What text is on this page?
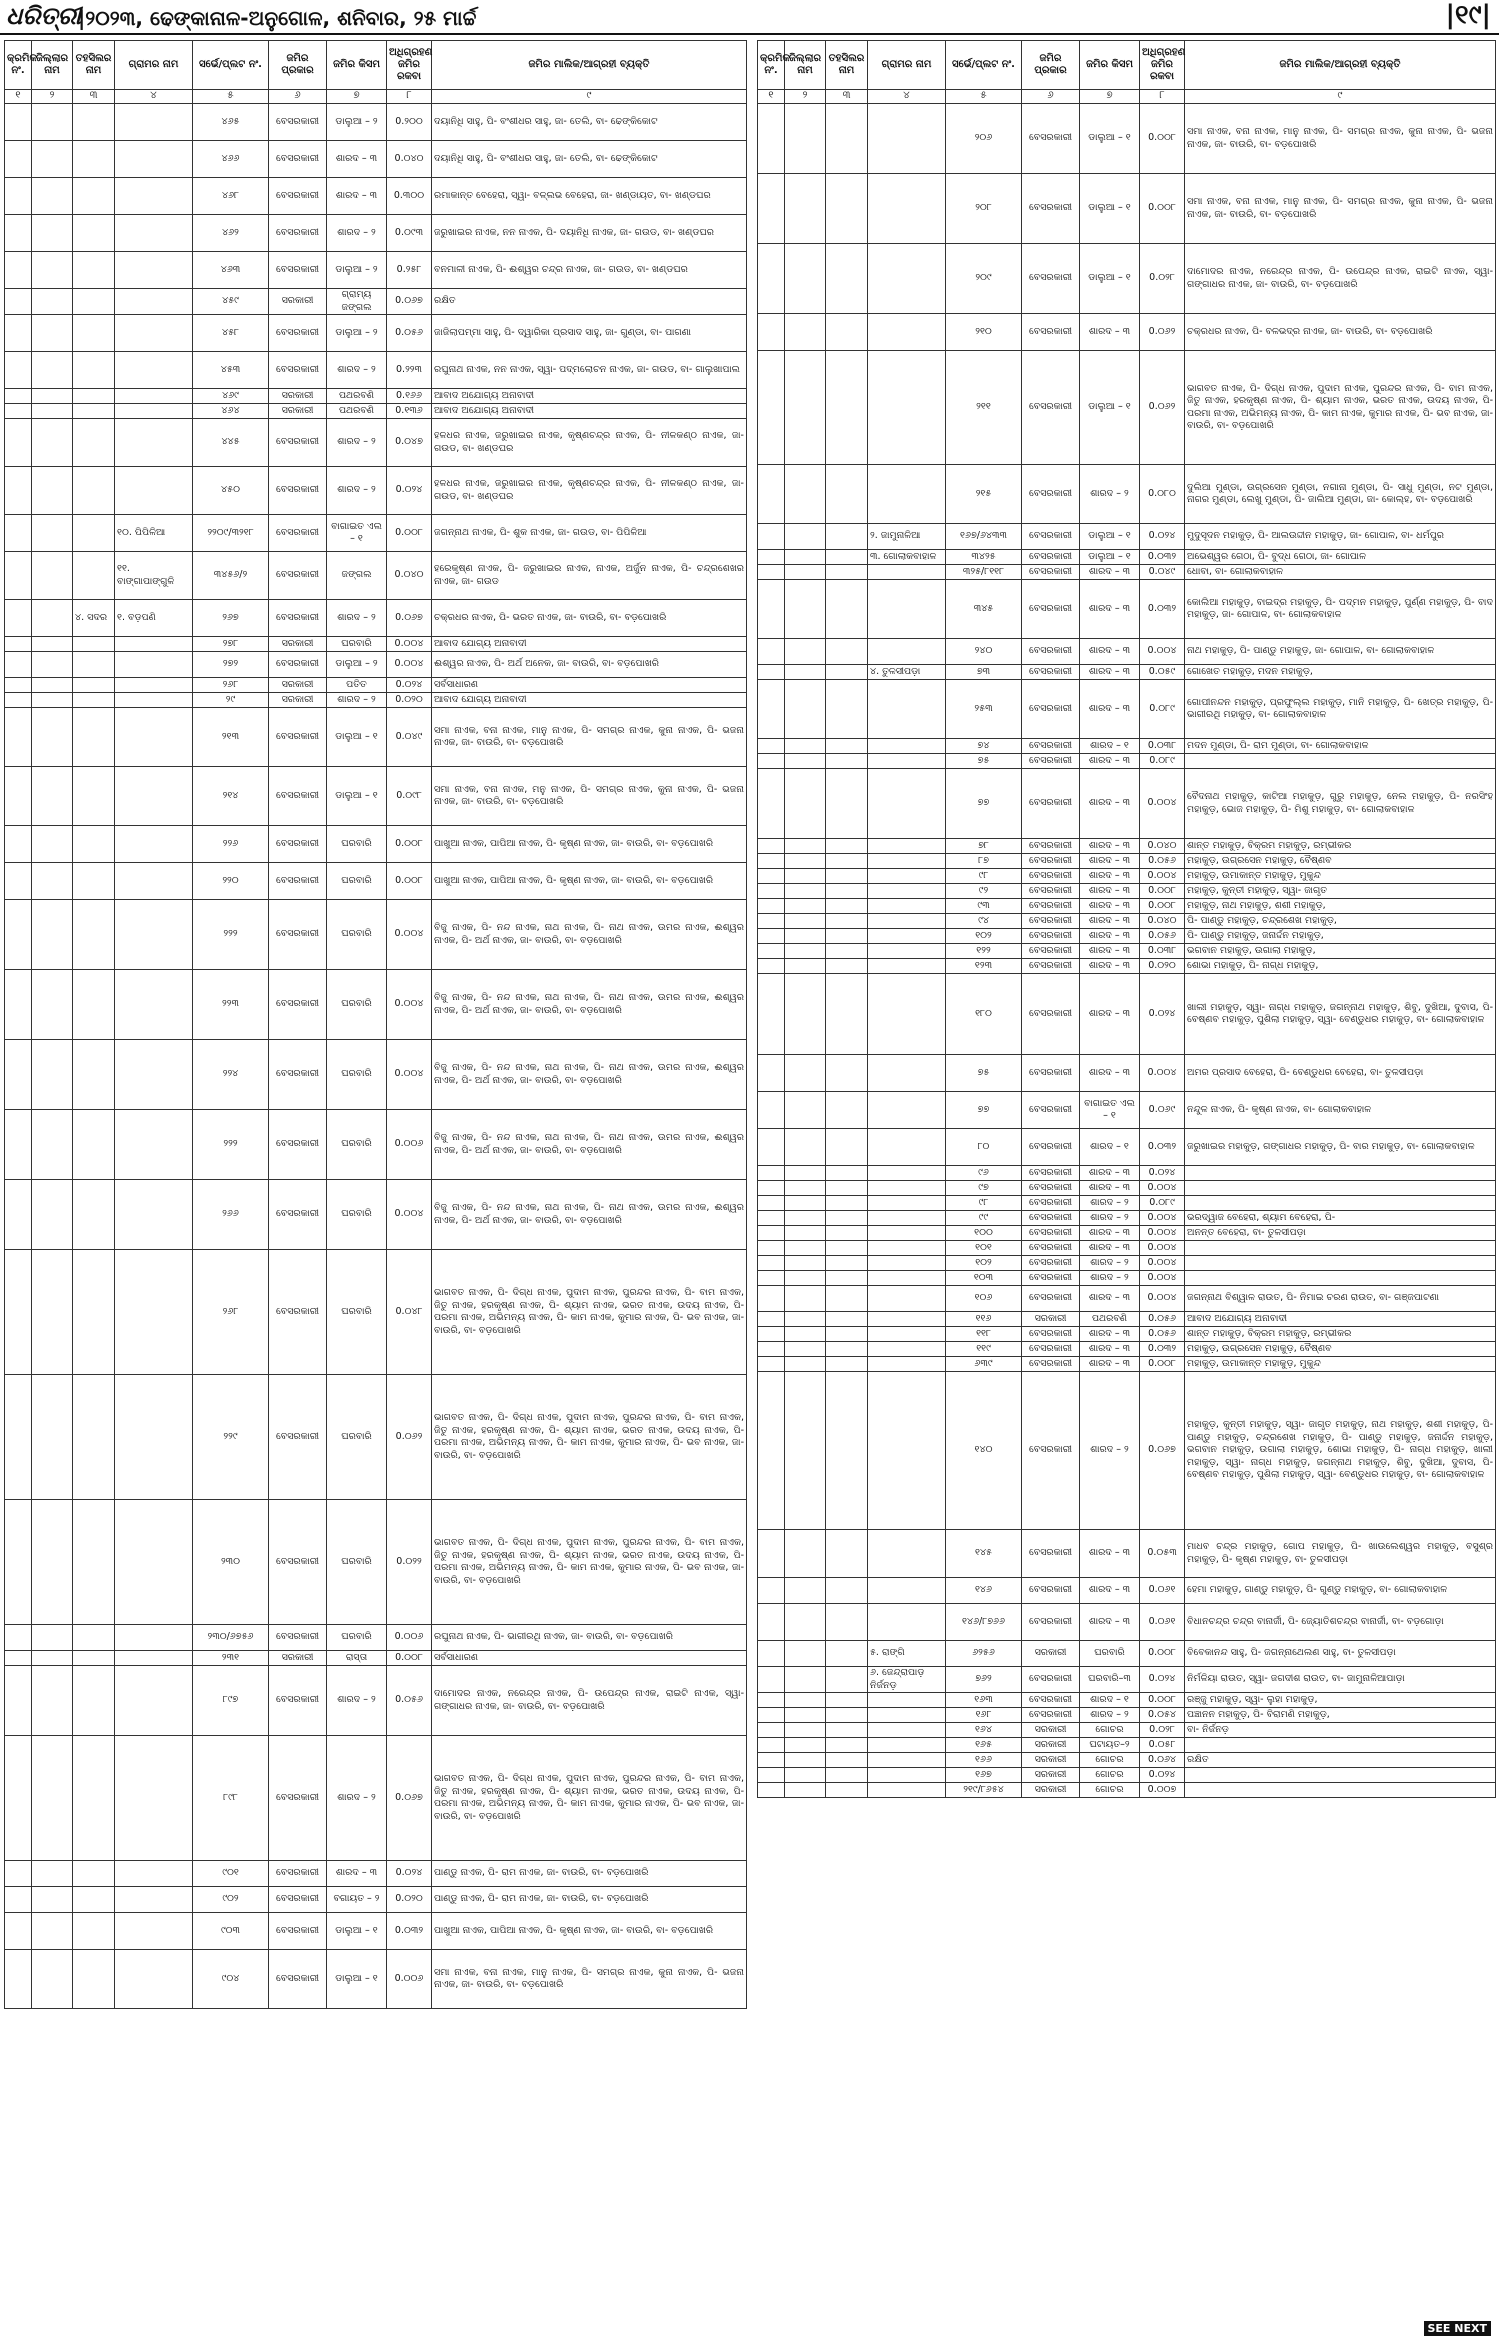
ଧରିତ୍ରୀ
|୨୦୨୩, ଢେଙ୍କାନାଳ-ଅନୁଗୋଳ, ଶନିବାର, ୨୫ ମାର୍ଚ୍ଚ	|୧୯|
କ୍ରମିକ ନଂ.	ଜିଲ୍ଲାର ନାମ	ତହସିଲର ନାମ	ଗ୍ରାମର ନାମ	ସର୍ଭେ/ପ୍ଲଟ ନଂ.	ଜମିର ପ୍ରକାର	ଜମିର କିସମ	ଅଧିଗ୍ରହଣ ଜମିର ରକବା	ଜମିର ମାଲିକ/ଆଗ୍ରହୀ ବ୍ୟକ୍ତି
୧	୨	୩	୪	୫	୬	୭	୮	୯
				୪୬୫	ବେସରକାରୀ	ଡାଲୁଆ – ୨	0.୨୦୦	ଦୟାନିଧି ସାହୁ, ପି- ବଂଶୀଧର ସାହୁ, ଜା- ତେଲି, ବା- ଢେଙ୍କିକୋଟ
				୪୬୬	ବେସରକାରୀ	ଶାରଦ – ୩	0.୦୪୦	ଦୟାନିଧି ସାହୁ, ପି- ବଂଶୀଧର ସାହୁ, ଜା- ତେଲି, ବା- ଢେଙ୍କିକୋଟ
				୪୬୮	ବେସରକାରୀ	ଶାରଦ – ୩	0.୩୦୦	ରମାକାନ୍ତ ବେହେରା, ସ୍ୱା- ବଳ୍ଲଭ ବେହେରା, ଜା- ଖଣ୍ଡାୟତ, ବା- ଖଣ୍ଡଘର
				୪୬୨	ବେସରକାରୀ	ଶାରଦ – ୨	0.୦୯୩	ଜରୁଖାଇର ନାଏକ, ନନ ନାଏକ, ପି- ଦୟାନିଧି ନାଏକ, ଜା- ଗଉଡ, ବା- ଖଣ୍ଡଘର
				୪୬୩	ବେସରକାରୀ	ଡାଲୁଆ – ୨	0.୨୫୮	ବନମାଳୀ ନାଏକ, ପି- ଈଶ୍ୱର ଚନ୍ଦ୍ର ନାଏକ, ଜା- ଗଉଡ, ବା- ଖଣ୍ଡଘର
				୪୫୯	ସରକାରୀ	ଗ୍ରାମ୍ୟ ଜଙ୍ଗଲ	0.୦୬୭	ରକ୍ଷିତ
				୪୫୮	ବେସରକାରୀ	ଡାଲୁଆ – ୨	0.୦୫୬	ଜାଜିଲାପମ୍ମା ସାହୁ, ପି- ଦ୍ୱାରିକା ପ୍ରସାଦ ସାହୁ, ଜା- ଗୁଣ୍ଡା, ବା- ପାଗଣା
				୪୫୩	ବେସରକାରୀ	ଶାରଦ – ୨	0.୨୨୩	ରଘୁନାଥ ନାଏକ, ନନ ନାଏକ, ସ୍ୱା- ପଦ୍ମଲୋଚନ ନାଏକ, ଜା- ଗଉଡ, ବା- ଗାଲୁଖାପାଲ
				୪୬୯	ସରକାରୀ	ପଥରବଣି	0.୧୬୬	ଆବାଦ ଅଯୋଗ୍ୟ ଅନାବାଦୀ
				୪୬୪	ସରକାରୀ	ପଥରବଣି	0.୧୩୬	ଆବାଦ ଅଯୋଗ୍ୟ ଅନାବାଦୀ
				୪୪୫	ବେସରକାରୀ	ଶାରଦ – ୨	0.୦୪୭	ହଳଧର ନାଏକ, ଜରୁଖାଇର ନାଏକ, କୃଷ୍ଣଚନ୍ଦ୍ର ନାଏକ, ପି- ନୀଳକଣ୍ଠ ନାଏକ, ଜା- ଗଉଡ, ବା- ଖଣ୍ଡଘର
				୪୫୦	ବେସରକାରୀ	ଶାରଦ – ୨	0.୦୨୪	ହଳଧର ନାଏକ, ଜରୁଖାଇର ନାଏକ, କୃଷ୍ଣଚନ୍ଦ୍ର ନାଏକ, ପି- ନୀଳକଣ୍ଠ ନାଏକ, ଜା- ଗଉଡ, ବା- ଖଣ୍ଡଘର
			୧୦. ପିପିଳିଆ	୨୨୦୯/୩୨୧୮	ବେସରକାରୀ	ବାଗାଇତ ଏଲ – ୧	0.୦୦୮	ଜଗନ୍ନାଥ ନାଏକ, ପି- ଶୁକ ନାଏକ, ଜା- ଗଉଡ, ବା- ପିପିଳିଆ
			୧୧. ବାଙ୍ଗାପାଙ୍ଗୁଳି	୩୪୫୬/୨	ବେସରକାରୀ	ଜଙ୍ଗଲ	0.୦୪୦	ହରେକୃଷ୍ଣ ନାଏକ, ପି- ଜରୁଖାଇର ନାଏକ, ନାଏକ, ଅର୍ଜୁନ ନାଏକ, ପି- ଚନ୍ଦ୍ରଶେଖର ନାଏକ, ଜା- ଗଉଡ
		୪. ସଦର	୧. ବଡ଼ପଣି	୨୬୭	ବେସରକାରୀ	ଶାରଦ – ୨	0.୦୬୭	ଚକ୍ରଧର ନାଏକ, ପି- ଭରତ ନାଏକ, ଜା- ବାଉରି, ବା- ବଡ଼ପୋଖରି
				୨୭୮	ସରକାରୀ	ଘରବାରି	0.୦୦୪	ଆବାଦ ଯୋଗ୍ୟ ଅନାବାଦୀ
				୨୭୨	ବେସରକାରୀ	ଡାଲୁଆ – ୨	0.୦୦୪	ଈଶ୍ୱର ନାଏକ, ପି- ଅର୍ଥ ଅନେକ, ଜା- ବାଉରି, ବା- ବଡ଼ପୋଖରି
				୨୬୮	ସରକାରୀ	ପତିତ	0.୦୨୪	ସର୍ବସାଧାରଣ
				୨୯	ସରକାରୀ	ଶାରଦ – ୨	0.୦୨୦	ଆବାଦ ଯୋଗ୍ୟ ଅନାବାଦୀ
				୨୧୩	ବେସରକାରୀ	ଡାଲୁଆ – ୧	0.୦୪୯	ସମା ନାଏକ, ବନା ନାଏକ, ମାନୁ ନାଏକ, ପି- ସମଗ୍ର ନାଏକ, କୁନା ନାଏକ, ପି- ଭଜନା ନାଏକ, ଜା- ବାଉରି, ବା- ବଡ଼ପୋଖରି
				୨୧୪	ବେସରକାରୀ	ଡାଲୁଆ – ୧	0.୦୯୮	ସମା ନାଏକ, ବନା ନାଏକ, ମନୁ ନାଏକ, ପି- ସମଗ୍ର ନାଏକ, କୁନା ନାଏକ, ପି- ଭଜନା ନାଏକ, ଜା- ବାଉରି, ବା- ବଡ଼ପୋଖରି
				୨୨୬	ବେସରକାରୀ	ଘରବାରି	0.୦୦୮	ପାଖୁଆ ନାଏକ, ପାପିଆ ନାଏକ, ପି- କୃଷ୍ଣ ନାଏକ, ଜା- ବାଉରି, ବା- ବଡ଼ପୋଖରି
				୨୨୦	ବେସରକାରୀ	ଘରବାରି	0.୦୦୮	ପାଖୁଆ ନାଏକ, ପାପିଆ ନାଏକ, ପି- କୃଷ୍ଣ ନାଏକ, ଜା- ବାଉରି, ବା- ବଡ଼ପୋଖରି
				୨୨୨	ବେସରକାରୀ	ଘରବାରି	0.୦୦୪	ବିଜୁ ନାଏକ, ପି- ନନ୍ଦ ନାଏକ, ନାଥ ନାଏକ, ପି- ନାଥ ନାଏକ, ଉମର ନାଏକ, ଈଶ୍ୱର ନାଏକ, ପି- ଅର୍ଥ ନାଏକ, ଜା- ବାଉରି, ବା- ବଡ଼ପୋଖରି
				୨୨୩	ବେସରକାରୀ	ଘରବାରି	0.୦୦୪	ବିଜୁ ନାଏକ, ପି- ନନ୍ଦ ନାଏକ, ନାଥ ନାଏକ, ପି- ନାଥ ନାଏକ, ଉମର ନାଏକ, ଈଶ୍ୱର ନାଏକ, ପି- ଅର୍ଥ ନାଏକ, ଜା- ବାଉରି, ବା- ବଡ଼ପୋଖରି
				୨୨୪	ବେସରକାରୀ	ଘରବାରି	0.୦୦୪	ବିଜୁ ନାଏକ, ପି- ନନ୍ଦ ନାଏକ, ନାଥ ନାଏକ, ପି- ନାଥ ନାଏକ, ଉମର ନାଏକ, ଈଶ୍ୱର ନାଏକ, ପି- ଅର୍ଥ ନାଏକ, ଜା- ବାଉରି, ବା- ବଡ଼ପୋଖରି
				୨୨୨	ବେସରକାରୀ	ଘରବାରି	0.୦୦୬	ବିଜୁ ନାଏକ, ପି- ନନ୍ଦ ନାଏକ, ନାଥ ନାଏକ, ପି- ନାଥ ନାଏକ, ଉମର ନାଏକ, ଈଶ୍ୱର ନାଏକ, ପି- ଅର୍ଥ ନାଏକ, ଜା- ବାଉରି, ବା- ବଡ଼ପୋଖରି
				୨୬୬	ବେସରକାରୀ	ଘରବାରି	0.୦୦୪	ବିଜୁ ନାଏକ, ପି- ନନ୍ଦ ନାଏକ, ନାଥ ନାଏକ, ପି- ନାଥ ନାଏକ, ଉମର ନାଏକ, ଈଶ୍ୱର ନାଏକ, ପି- ଅର୍ଥ ନାଏକ, ଜା- ବାଉରି, ବା- ବଡ଼ପୋଖରି
				୨୬୮	ବେସରକାରୀ	ଘରବାରି	0.୦୪୮	ଭାଗବତ ନାଏକ, ପି- ଦିଗ୍ଧ ନାଏକ, ପୁଦାମ ନାଏକ, ପୁରନ୍ଦର ନାଏକ, ପି- ବାମ ନାଏକ, ଜିତୁ ନାଏକ, ହରକୃଷ୍ଣ ନାଏକ, ପି- ଶ୍ୟାମ ନାଏକ, ଭରତ ନାଏକ, ଉଦୟ ନାଏକ, ପି- ପରମା ନାଏକ, ଅଭିମନ୍ୟ ନାଏକ, ପି- କାମ ନାଏକ, କୁମାର ନାଏକ, ପି- ଭବ ନାଏକ, ଜା- ବାଉରି, ବା- ବଡ଼ପୋଖରି
				୨୨୯	ବେସରକାରୀ	ଘରବାରି	0.୦୬୨	ଭାଗବତ ନାଏକ, ପି- ଦିଗ୍ଧ ନାଏକ, ପୁଦାମ ନାଏକ, ପୁରନ୍ଦର ନାଏକ, ପି- ବାମ ନାଏକ, ଜିତୁ ନାଏକ, ହରକୃଷ୍ଣ ନାଏକ, ପି- ଶ୍ୟାମ ନାଏକ, ଭରତ ନାଏକ, ଉଦୟ ନାଏକ, ପି- ପରମା ନାଏକ, ଅଭିମନ୍ୟ ନାଏକ, ପି- କାମ ନାଏକ, କୁମାର ନାଏକ, ପି- ଭବ ନାଏକ, ଜା- ବାଉରି, ବା- ବଡ଼ପୋଖରି
				୨୩୦	ବେସରକାରୀ	ଘରବାରି	0.୦୨୨	ଭାଗବତ ନାଏକ, ପି- ଦିଗ୍ଧ ନାଏକ, ପୁଦାମ ନାଏକ, ପୁରନ୍ଦର ନାଏକ, ପି- ବାମ ନାଏକ, ଜିତୁ ନାଏକ, ହରକୃଷ୍ଣ ନାଏକ, ପି- ଶ୍ୟାମ ନାଏକ, ଭରତ ନାଏକ, ଉଦୟ ନାଏକ, ପି- ପରମା ନାଏକ, ଅଭିମନ୍ୟ ନାଏକ, ପି- କାମ ନାଏକ, କୁମାର ନାଏକ, ପି- ଭବ ନାଏକ, ଜା- ବାଉରି, ବା- ବଡ଼ପୋଖରି
				୨୩୦/୬୭୫୬	ବେସରକାରୀ	ଘରବାରି	0.୦୦୬	ରଘୁନାଥ ନାଏକ, ପି- ଭାଗୀରଥି ନାଏକ, ଜା- ବାଉରି, ବା- ବଡ଼ପୋଖରି
				୨୩୧	ସରକାରୀ	ରାସ୍ତା	0.୦୦୮	ସର୍ବସାଧାରଣ
				୮୯୭	ବେସରକାରୀ	ଶାରଦ – ୨	0.୦୫୬	ଦାମୋଦର ନାଏକ, ନରେନ୍ଦ୍ର ନାଏକ, ପି- ଉପେନ୍ଦ୍ର ନାଏକ, ରାଇଟି ନାଏକ, ସ୍ୱା- ଗଙ୍ଗାଧର ନାଏକ, ଜା- ବାଉରି, ବା- ବଡ଼ପୋଖରି
				୮୯୮	ବେସରକାରୀ	ଶାରଦ – ୨	0.୦୬୭	ଭାଗବତ ନାଏକ, ପି- ଦିଗ୍ଧ ନାଏକ, ପୁଦାମ ନାଏକ, ପୁରନ୍ଦର ନାଏକ, ପି- ବାମ ନାଏକ, ଜିତୁ ନାଏକ, ହରକୃଷ୍ଣ ନାଏକ, ପି- ଶ୍ୟାମ ନାଏକ, ଭରତ ନାଏକ, ଉଦୟ ନାଏକ, ପି- ପରମା ନାଏକ, ଅଭିମନ୍ୟ ନାଏକ, ପି- କାମ ନାଏକ, କୁମାର ନାଏକ, ପି- ଭବ ନାଏକ, ଜା- ବାଉରି, ବା- ବଡ଼ପୋଖରି
				୯୦୧	ବେସରକାରୀ	ଶାରଦ – ୩	0.୦୨୪	ପାଣ୍ଡୁ ନାଏକ, ପି- ରାମ ନାଏକ, ଜା- ବାଉରି, ବା- ବଡ଼ପୋଖରି
				୯୦୨	ବେସରକାରୀ	ବଗାୟତ – ୨	0.୦୨୦	ପାଣ୍ଡୁ ନାଏକ, ପି- ରାମ ନାଏକ, ଜା- ବାଉରି, ବା- ବଡ଼ପୋଖରି
				୯୦୩	ବେସରକାରୀ	ଡାଲୁଆ – ୧	0.୦୩୨	ପାଖୁଆ ନାଏକ, ପାପିଆ ନାଏକ, ପି- କୃଷ୍ଣ ନାଏକ, ଜା- ବାଉରି, ବା- ବଡ଼ପୋଖରି
				୯୦୪	ବେସରକାରୀ	ଡାଲୁଆ – ୧	0.୦୦୬	ସମା ନାଏକ, ବନା ନାଏକ, ମାନୁ ନାଏକ, ପି- ସମଗ୍ର ନାଏକ, କୁନା ନାଏକ, ପି- ଭଜନା ନାଏକ, ଜା- ବାଉରି, ବା- ବଡ଼ପୋଖରି
କ୍ରମିକ ନଂ.	ଜିଲ୍ଲାର ନାମ	ତହସିଲର ନାମ	ଗ୍ରାମର ନାମ	ସର୍ଭେ/ପ୍ଲଟ ନଂ.	ଜମିର ପ୍ରକାର	ଜମିର କିସମ	ଅଧିଗ୍ରହଣ ଜମିର ରକବା	ଜମିର ମାଲିକ/ଆଗ୍ରହୀ ବ୍ୟକ୍ତି
୧	୨	୩	୪	୫	୬	୭	୮	୯
				୨୦୬	ବେସରକାରୀ	ଡାଲୁଆ – ୧	0.୦୦୮	ସମା ନାଏକ, ବନା ନାଏକ, ମାନୁ ନାଏକ, ପି- ସମଗ୍ର ନାଏକ, କୁନା ନାଏକ, ପି- ଭଜନା ନାଏକ, ଜା- ବାଉରି, ବା- ବଡ଼ପୋଖରି
				୨୦୮	ବେସରକାରୀ	ଡାଲୁଆ – ୧	0.୦୦୮	ସମା ନାଏକ, ବନା ନାଏକ, ମାନୁ ନାଏକ, ପି- ସମଗ୍ର ନାଏକ, କୁନା ନାଏକ, ପି- ଭଜନା ନାଏକ, ଜା- ବାଉରି, ବା- ବଡ଼ପୋଖରି
				୨୦୯	ବେସରକାରୀ	ଡାଲୁଆ – ୧	0.୦୨୮	ଦାମୋଦର ନାଏକ, ନରେନ୍ଦ୍ର ନାଏକ, ପି- ଉପେନ୍ଦ୍ର ନାଏକ, ରାଇଟି ନାଏକ, ସ୍ୱା- ଗଙ୍ଗାଧର ନାଏକ, ଜା- ବାଉରି, ବା- ବଡ଼ପୋଖରି
				୨୧୦	ବେସରକାରୀ	ଶାରଦ – ୩	0.୦୬୨	ଚକ୍ରଧର ନାଏକ, ପି- ବଳଭଦ୍ର ନାଏକ, ଜା- ବାଉରି, ବା- ବଡ଼ପୋଖରି
				୨୧୧	ବେସରକାରୀ	ଡାଲୁଆ – ୧	0.୦୬୨	ଭାଗବତ ନାଏକ, ପି- ଦିଗ୍ଧ ନାଏକ, ପୁଦାମ ନାଏକ, ପୁରନ୍ଦର ନାଏକ, ପି- ବାମ ନାଏକ, ଜିତୁ ନାଏକ, ହରକୃଷ୍ଣ ନାଏକ, ପି- ଶ୍ୟାମ ନାଏକ, ଭରତ ନାଏକ, ଉଦୟ ନାଏକ, ପି- ପରମା ନାଏକ, ଅଭିମନ୍ୟ ନାଏକ, ପି- କାମ ନାଏକ, କୁମାର ନାଏକ, ପି- ଭବ ନାଏକ, ଜା- ବାଉରି, ବା- ବଡ଼ପୋଖରି
				୨୧୫	ବେସରକାରୀ	ଶାରଦ – ୨	0.୦୮୦	ଦୁଲିଆ ମୁଣ୍ଡା, ଉଗ୍ରସେନ ମୁଣ୍ଡା, ନଗାନା ମୁଣ୍ଡା, ପି- ସାଧୁ ମୁଣ୍ଡା, ନଟ ମୁଣ୍ଡା, ନାଗର ମୁଣ୍ଡା, ଲେଖୁ ମୁଣ୍ଡା, ପି- ଜାଲିଆ ମୁଣ୍ଡା, ଜା- କୋଲ୍ହ, ବା- ବଡ଼ପୋଖରି
			୨. ଜାମୁନାଳିଆ	୧୬୭/୬୪୩୩	ବେସରକାରୀ	ଡାଲୁଆ – ୧	0.୦୨୪	ମୁଦୁସୂଦନ ମହାକୁଡ଼, ପି- ଆଲଉଦ୍ଦୀନ ମହାକୁଡ଼, ଜା- ଗୋପାଳ, ବା- ଧର୍ମପୁର
			୩. ଗୋଲାକବାହାଳ	୩୪୨୫	ବେସରକାରୀ	ଡାଲୁଆ – ୧	0.୦୩୨	ଅଭେଶ୍ୱର ଗେଠା, ପି- ବୁଦ୍ଧ ଗେଠା, ଜା- ଗୋପାଳ
				୩୨୫/୮୧୧୮	ବେସରକାରୀ	ଶାରଦ – ୩	0.୦୪୯	ଧୋବା, ବା- ଗୋଲାକବାହାଳ
				୩୪୫	ବେସରକାରୀ	ଶାରଦ – ୩	0.୦୩୨	କୋଲିଆ ମହାକୁଡ଼, ବାଇଦ୍ର ମହାକୁଡ଼, ପି- ପଦ୍ମନ ମହାକୁଡ଼, ପୁର୍ଣ୍ଣ ମହାକୁଡ଼, ପି- ବାଦ ମହାକୁଡ଼, ଜା- ଗୋପାଳ, ବା- ଗୋଲାକବାହାଳ
				୨୪୦	ବେସରକାରୀ	ଶାରଦ – ୩	0.୦୦୪	ନାଥ ମହାକୁଡ଼, ପି- ପାଣ୍ଡୁ ମହାକୁଡ଼, ଜା- ଗୋପାଳ, ବା- ଗୋଲାକବାହାଳ
			୪. ତୁଳସୀପଡ଼ା	୭୩	ବେସରକାରୀ	ଶାରଦ – ୩	0.୦୫୯	ଗୋଖେତ ମହାକୁଡ଼, ମଦନ ମହାକୁଡ଼,
				୨୫୩	ବେସରକାରୀ	ଶାରଦ – ୩	0.୦୮୯	ଗୋପୀନନ୍ଦନ ମହାକୁଡ଼, ପ୍ରଫୁଲ୍ଲ ମହାକୁଡ଼, ମାନି ମହାକୁଡ଼, ପି- ଖେତ୍ର ମହାକୁଡ଼, ପି- ଭାଗୀରଥି ମହାକୁଡ଼, ବା- ଗୋଲାକବାହାଳ
				୭୪	ବେସରକାରୀ	ଶାରଦ – ୧	0.୦୩୮	ମଦନ ମୁଣ୍ଡା, ପି- ରାମ ମୁଣ୍ଡା, ବା- ଗୋଲାକବାହାଳ
				୭୫	ବେସରକାରୀ	ଶାରଦ – ୩	0.୦୮୯	
				୭୭	ବେସରକାରୀ	ଶାରଦ – ୩	0.୦୦୪	ବୈଦନାଥ ମହାକୁଡ଼, କାଟିଆ ମହାକୁଡ଼, ଗୁରୁ ମହାକୁଡ଼, ନେଲ ମହାକୁଡ଼, ପି- ନରସିଂହ ମହାକୁଡ଼, ଭୋଜ ମହାକୁଡ଼, ପି- ମିଶୁ ମହାକୁଡ଼, ବା- ଗୋଲାକବାହାଳ
				୭୮	ବେସରକାରୀ	ଶାରଦ – ୩	0.୦୪୦	ଶାନ୍ତ ମହାକୁଡ଼, ବିକ୍ରମ ମହାକୁଡ଼, ରମ୍ଭୀକର
				୮୭	ବେସରକାରୀ	ଶାରଦ – ୩	0.୦୫୬	ମହାକୁଡ଼, ଉଗ୍ରସେନ ମହାକୁଡ଼, ବୈଷ୍ଣବ
				୯୮	ବେସରକାରୀ	ଶାରଦ – ୩	0.୦୦୪	ମହାକୁଡ଼, ଉମାକାନ୍ତ ମହାକୁଡ଼, ମୁକୁନ୍ଦ
				୯୨	ବେସରକାରୀ	ଶାରଦ – ୩	0.୦୦୮	ମହାକୁଡ଼, କୁନ୍ତୀ ମହାକୁଡ଼, ସ୍ୱା- ଜାଗୃତ
				୯୩	ବେସରକାରୀ	ଶାରଦ – ୩	0.୦୦୮	ମହାକୁଡ଼, ନାଥ ମହାକୁଡ଼, ଶଶୀ ମହାକୁଡ଼,
				୯୪	ବେସରକାରୀ	ଶାରଦ – ୩	0.୦୪୦	ପି- ପାଣ୍ଡୁ ମହାକୁଡ଼, ଚନ୍ଦ୍ରଶେଖ ମହାକୁଡ଼,
				୧୦୨	ବେସରକାରୀ	ଶାରଦ – ୩	0.୦୫୬	ପି- ପାଣ୍ଡୁ ମହାକୁଡ଼, ଜନାର୍ଦ୍ଦନ ମହାକୁଡ଼,
				୧୨୨	ବେସରକାରୀ	ଶାରଦ – ୩	0.୦୩୮	ଭଗବାନ ମହାକୁଡ଼, ଉଗାଲା ମହାକୁଡ଼,
				୧୨୩	ବେସରକାରୀ	ଶାରଦ – ୩	0.୦୨୦	ଶୋଭା ମହାକୁଡ଼, ପି- ନାଗ୍ଧ ମହାକୁଡ଼,
				୧୮୦	ବେସରକାରୀ	ଶାରଦ – ୩	0.୦୨୪	ଖାଲୀ ମହାକୁଡ଼, ସ୍ୱା- ନାଗ୍ଧ ମହାକୁଡ଼, ଜଗନ୍ନାଥ ମହାକୁଡ଼, ଶିବୁ, ଦୁଖିଆ, ଦୁବାସ, ପି- ବେଷ୍ଣବ ମହାକୁଡ଼, ପୁଶିଲା ମହାକୁଡ଼, ସ୍ୱା- ବେଣ୍ଡୁଧର ମହାକୁଡ଼, ବା- ଗୋଲାକବାହାଳ
				୭୫	ବେସରକାରୀ	ଶାରଦ – ୩	0.୦୦୪	ଅମର ପ୍ରସାଦ ବେହେରା, ପି- ବେଣ୍ଡୁଧର ବେହେରା, ବା- ତୁଳସୀପଡ଼ା
				୭୭	ବେସରକାରୀ	ବାଗାଇତ ଏଲ – ୧	0.୦୬୯	ନନ୍ଦୁଳ ନାଏକ, ପି- କୃଷ୍ଣ ନାଏକ, ବା- ଗୋଲାକବାହାଳ
				୮୦	ବେସରକାରୀ	ଶାରଦ – ୧	0.୦୩୨	ଜରୁଖାଇର ମହାକୁଡ଼, ଗଙ୍ଗାଧର ମହାକୁଡ଼, ପି- ବାର ମହାକୁଡ଼, ବା- ଗୋଲାକବାହାଳ
				୯୬	ବେସରକାରୀ	ଶାରଦ – ୩	0.୦୨୪	
				୯୭	ବେସରକାରୀ	ଶାରଦ – ୩	0.୦୦୪	
				୯୮	ବେସରକାରୀ	ଶାରଦ – ୨	0.୦୮୯	
				୯୯	ବେସରକାରୀ	ଶାରଦ – ୨	0.୦୦୪	ଭରଦ୍ୱାଜ ବେହେରା, ଶ୍ୟାମ ବେହେରା, ପି-
				୧୦୦	ବେସରକାରୀ	ଶାରଦ – ୩	0.୦୦୪	ଅନନ୍ତ ବେହେରା, ବା- ତୁଳସୀପଡ଼ା
				୧୦୧	ବେସରକାରୀ	ଶାରଦ – ୩	0.୦୦୪	
				୧୦୨	ବେସରକାରୀ	ଶାରଦ – ୨	0.୦୦୪	
				୧୦୩	ବେସରକାରୀ	ଶାରଦ – ୨	0.୦୦୪	
				୧୦୬	ବେସରକାରୀ	ଶାରଦ – ୩	0.୦୦୪	ଜଗନ୍ନାଥ ବିଶ୍ୱାଳ ରାଉତ, ପି- ନିମାଇ ଚରଣ ରାଉତ, ବା- ଗଞ୍ଜପାଟଣା
				୧୧୬	ସରକାରୀ	ପଥରବଣି	0.୦୫୬	ଆବାଦ ଅଯୋଗ୍ୟ ଅନାବାଦୀ
				୧୧୮	ବେସରକାରୀ	ଶାରଦ – ୩	0.୦୫୬	ଶାନ୍ତ ମହାକୁଡ଼, ବିକ୍ରମ ମହାକୁଡ଼, ରମ୍ଭୀକର
				୧୧୯	ବେସରକାରୀ	ଶାରଦ – ୩	0.୦୩୨	ମହାକୁଡ଼, ଉଗ୍ରସେନ ମହାକୁଡ଼, ବୈଷ୍ଣବ
				୬୩୯	ବେସରକାରୀ	ଶାରଦ – ୩	0.୦୦୮	ମହାକୁଡ଼, ଉମାକାନ୍ତ ମହାକୁଡ଼, ମୁକୁନ୍ଦ
				୧୪୦	ବେସରକାରୀ	ଶାରଦ – ୨	0.୦୬୭	ମହାକୁଡ଼, କୁନ୍ତୀ ମହାକୁଡ଼, ସ୍ୱା- ଜାଗୃତ ମହାକୁଡ଼, ନାଥ ମହାକୁଡ଼, ଶଶୀ ମହାକୁଡ଼, ପି- ପାଣ୍ଡୁ ମହାକୁଡ଼, ଚନ୍ଦ୍ରଶେଖ ମହାକୁଡ଼, ପି- ପାଣ୍ଡୁ ମହାକୁଡ଼, ଜନାର୍ଦ୍ଦନ ମହାକୁଡ଼, ଭଗବାନ ମହାକୁଡ଼, ଉଗାଲା ମହାକୁଡ଼, ଶୋଭା ମହାକୁଡ଼, ପି- ନାଗ୍ଧ ମହାକୁଡ଼, ଖାଲୀ ମହାକୁଡ଼, ସ୍ୱା- ନାଗ୍ଧ ମହାକୁଡ଼, ଜଗନ୍ନାଥ ମହାକୁଡ଼, ଶିବୁ, ଦୁଖିଆ, ଦୁବାସ, ପି- ବେଷ୍ଣବ ମହାକୁଡ଼, ପୁଶିଲା ମହାକୁଡ଼, ସ୍ୱା- ବେଣ୍ଡୁଧର ମହାକୁଡ଼, ବା- ଗୋଲାକବାହାଳ
				୧୪୫	ବେସରକାରୀ	ଶାରଦ – ୩	0.୦୫୩	ମାଧବ ଚନ୍ଦ୍ର ମହାକୁଡ଼, ଗୋପ ମହାକୁଡ଼, ପି- ଖାଉଲେଶ୍ୱର ମହାକୁଡ଼, ବସୁଶ୍ର ମହାକୁଡ଼, ପି- କୃଷ୍ଣ ମହାକୁଡ଼, ବା- ତୁଳସୀପଡ଼ା
				୧୪୬	ବେସରକାରୀ	ଶାରଦ – ୩	0.୦୬୧	ହେମା ମହାକୁଡ଼, ଗାଣ୍ଡୁ ମହାକୁଡ଼, ପି- ଗୁଣ୍ଡୁ ମହାକୁଡ଼, ବା- ଗୋଲାକବାହାଳ
				୧୪୬/୮୭୬୬	ବେସରକାରୀ	ଶାରଦ – ୩	0.୦୬୧	ବିଧାନଚନ୍ଦ୍ର ଚନ୍ଦ୍ର ବାନାର୍ଜୀ, ପି- ଜ୍ୟୋତିଶଚନ୍ଦ୍ର ବାନାର୍ଜୀ, ବା- ବଡ଼ଗୋଡ଼ା
			୫. ରାଙ୍ଗି	୬୨୫୬	ସରକାରୀ	ଘରବାରି	0.୦୦୮	ବିବେକାନନ୍ଦ ସାହୁ, ପି- ଜଗନ୍ନାଥେଲଣ ସାହୁ, ବା- ତୁଳସୀପଡ଼ା
			୬. ଜେନ୍ଦ୍ରାପାଡ଼ ନିର୍ଜନଡ଼	୭୬୨	ବେସରକାରୀ	ଘରବାରି–୩	0.୦୨୪	ନିର୍ମଳିୟା ରାଉତ, ସ୍ୱା- ଜଗଦୀଶ ରାଉତ, ବା- ଜାମୁନାଳିଆପାଡ଼ା
				୧୬୩	ବେସରକାରୀ	ଶାରଦ – ୧	0.୦୦୮	ରଞ୍ଜୁ ମହାକୁଡ଼, ସ୍ୱା- ଲୁହା ମହାକୁଡ଼,
				୧୬୮	ବେସରକାରୀ	ଶାରଦ – ୨	0.୦୫୪	ପଞ୍ଚାନନ ମହାକୁଡ଼, ପି- ବିରାମଣି ମହାକୁଡ଼,
				୧୬୪	ସରକାରୀ	ଗୋଚର	0.୦୨୮	ବା- ନିର୍ଜନଡ଼
				୧୬୫	ସରକାରୀ	ଘଟାୟତ–୨	0.୦୫୮	
				୧୬୬	ସରକାରୀ	ଗୋଚର	0.୦୬୪	ରକ୍ଷିତ
				୧୬୭	ସରକାରୀ	ଗୋଚର	0.୦୨୪	
				୨୧୯/୮୬୫୪	ସରକାରୀ	ଗୋଚର	0.୦୦୭	
SEE NEXT
